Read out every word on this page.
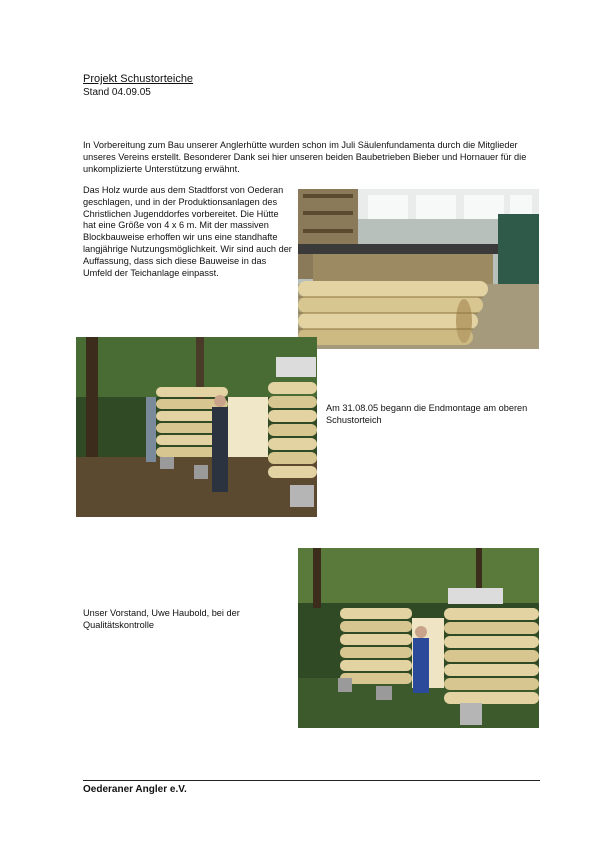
Projekt Schustorteiche
Stand 04.09.05
In Vorbereitung zum Bau unserer Anglerhütte wurden schon im Juli Säulenfundamenta durch die Mitglieder unseres Vereins erstellt. Besonderer Dank sei hier unseren beiden Baubetrieben Bieber und Hornauer für die unkomplizierte Unterstützung erwähnt.
Das Holz wurde aus dem Stadtforst von Oederan geschlagen, und in der Produktionsanlagen des Christlichen Jugenddorfes vorbereitet. Die Hütte hat eine Größe von 4 x 6 m. Mit der massiven Blockbauweise erhoffen wir uns eine standhafte langjährige Nutzungsmöglichkeit. Wir sind auch der Auffassung, dass sich diese Bauweise in das Umfeld der Teichanlage einpasst.
Am 31.08.05 begann die Endmontage am oberen Schustorteich
Unser Vorstand, Uwe Haubold, bei der Qualitätskontrolle
Oederaner Angler e.V.
